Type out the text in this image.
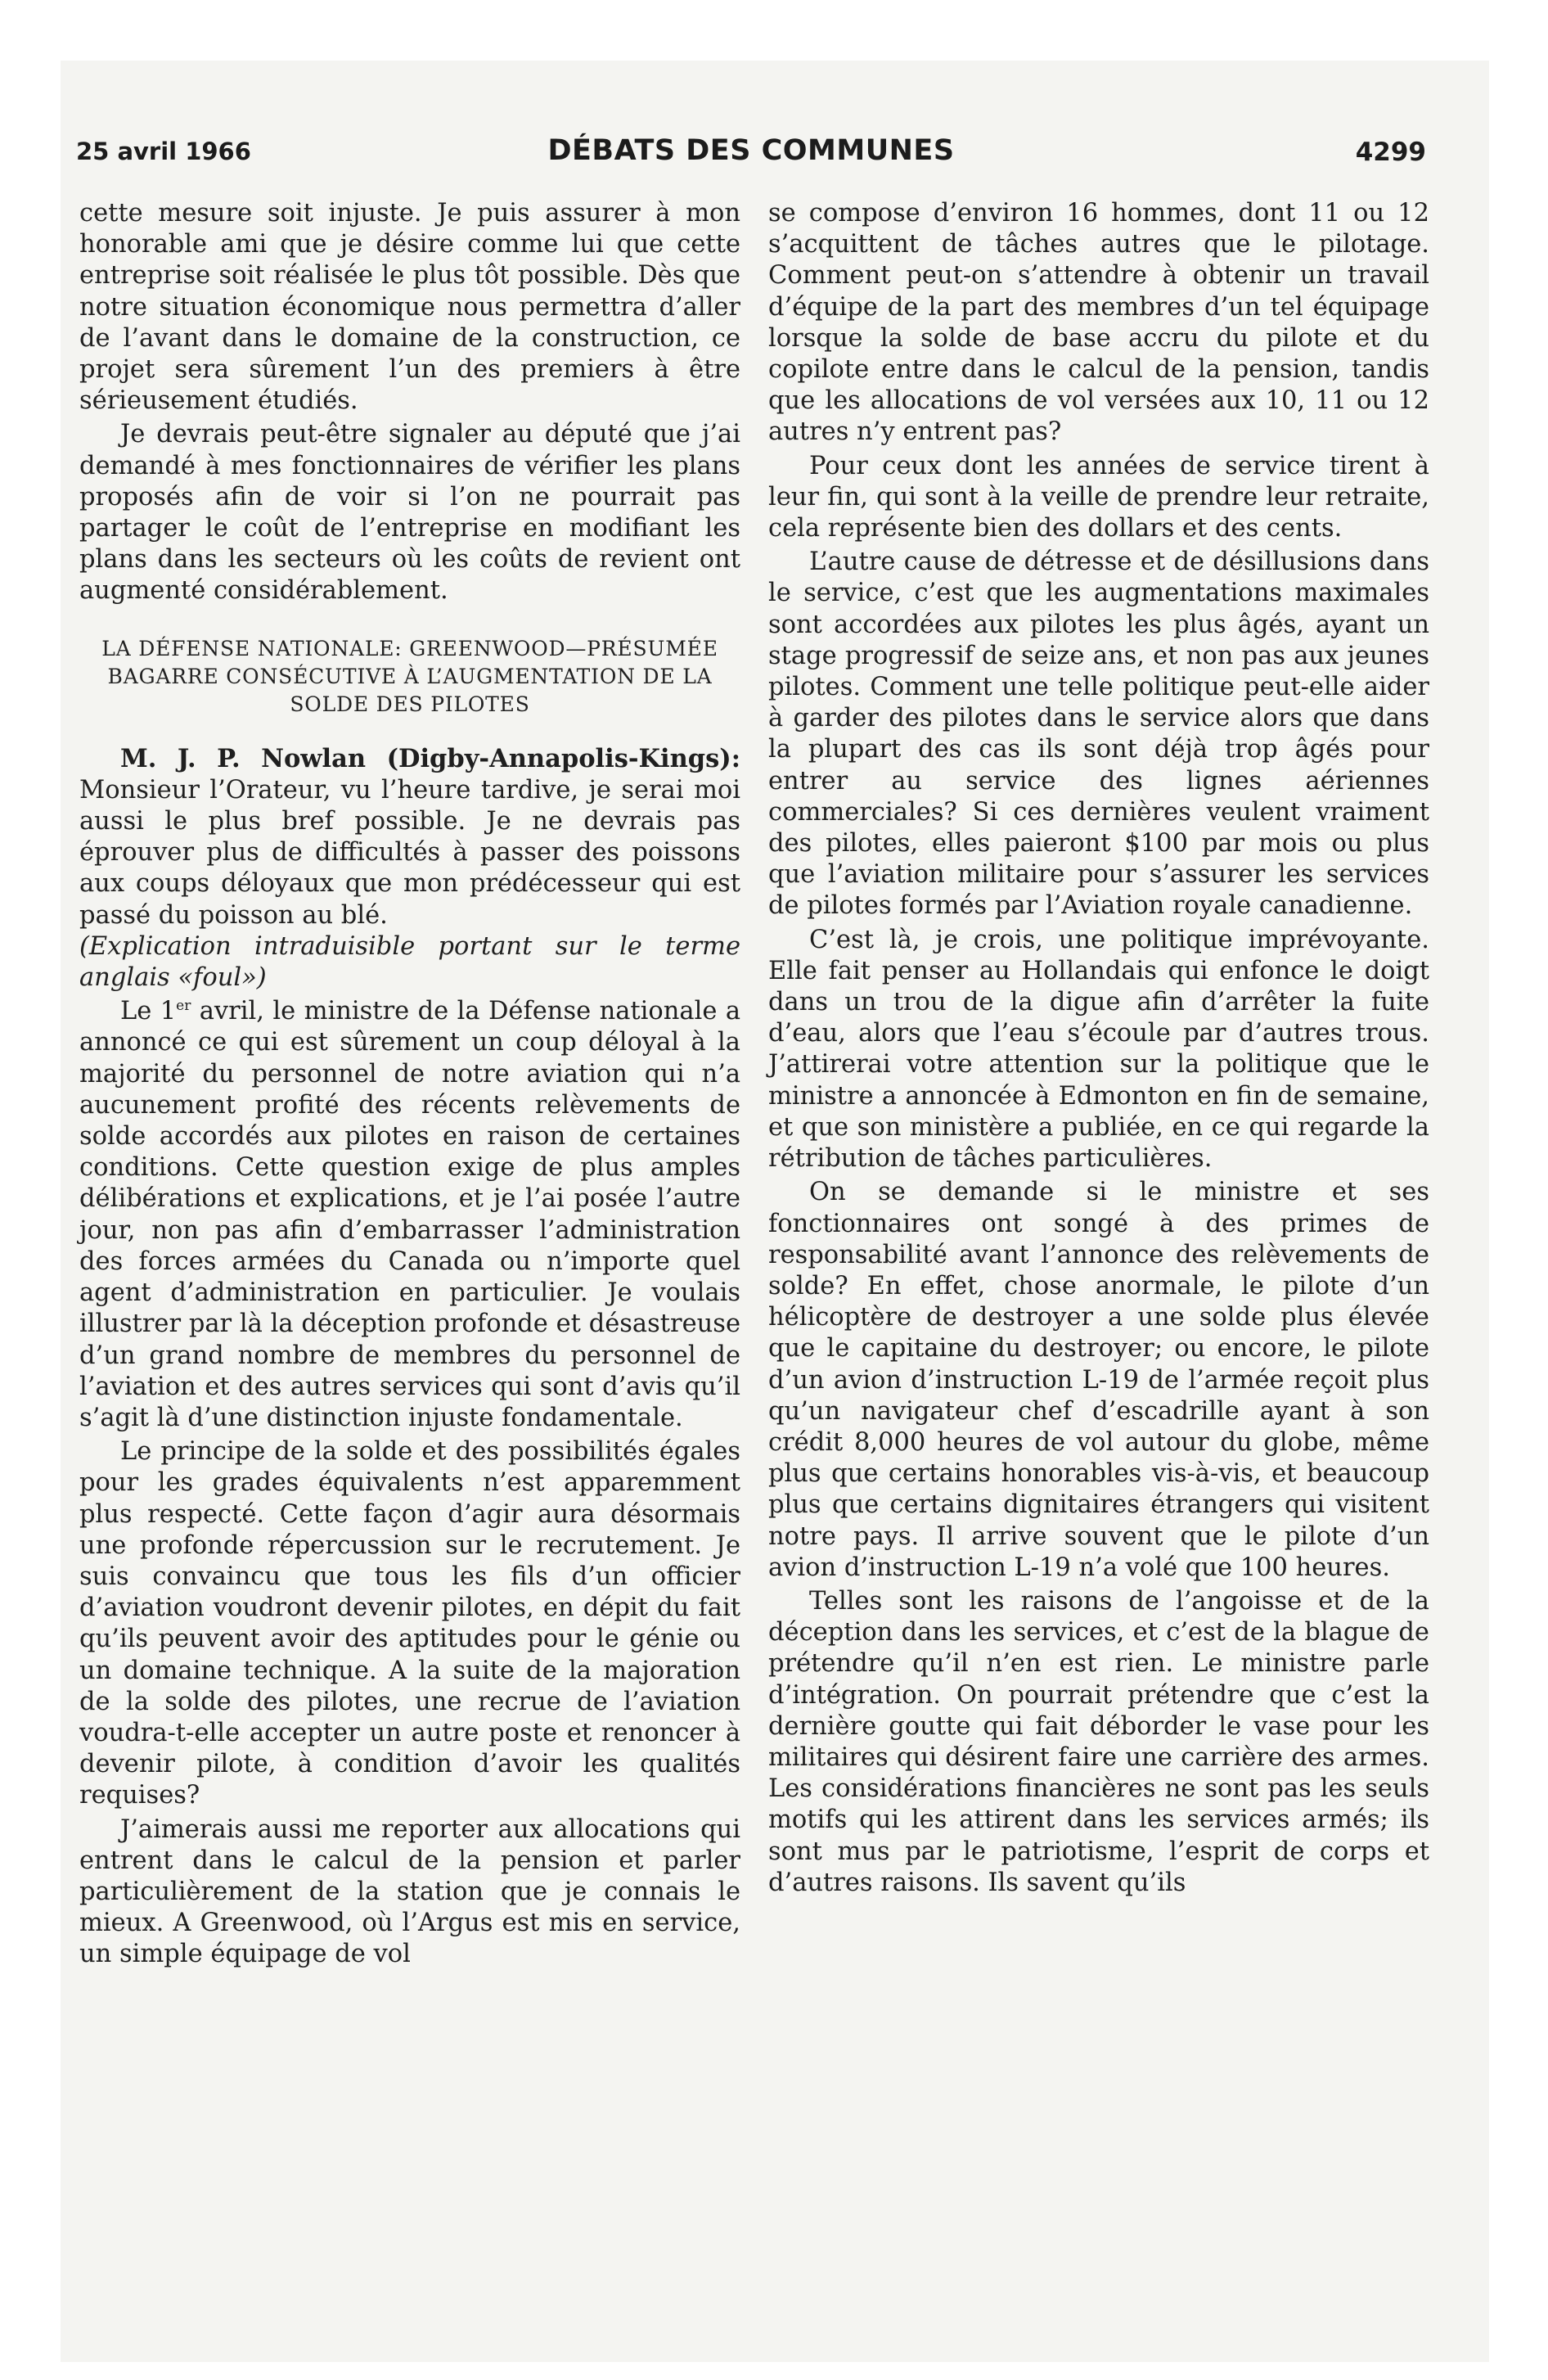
25 avril 1966	DÉBATS DES COMMUNES	4299

cette mesure soit injuste. Je puis assurer à mon honorable ami que je désire comme lui que cette entreprise soit réalisée le plus tôt possible. Dès que notre situation économique nous permettra d’aller de l’avant dans le domaine de la construction, ce projet sera sûrement l’un des premiers à être sérieusement étudiés.

Je devrais peut-être signaler au député que j’ai demandé à mes fonctionnaires de vérifier les plans proposés afin de voir si l’on ne pourrait pas partager le coût de l’entreprise en modifiant les plans dans les secteurs où les coûts de revient ont augmenté considérablement.

LA DÉFENSE NATIONALE: GREENWOOD—PRÉSUMÉE BAGARRE CONSÉCUTIVE À L’AUGMENTATION DE LA SOLDE DES PILOTES

M. J. P. Nowlan (Digby-Annapolis-Kings): Monsieur l’Orateur, vu l’heure tardive, je serai moi aussi le plus bref possible. Je ne devrais pas éprouver plus de difficultés à passer des poissons aux coups déloyaux que mon prédécesseur qui est passé du poisson au blé.

(Explication intraduisible portant sur le terme anglais «foul»)

Le 1er avril, le ministre de la Défense nationale a annoncé ce qui est sûrement un coup déloyal à la majorité du personnel de notre aviation qui n’a aucunement profité des récents relèvements de solde accordés aux pilotes en raison de certaines conditions. Cette question exige de plus amples délibérations et explications, et je l’ai posée l’autre jour, non pas afin d’embarrasser l’administration des forces armées du Canada ou n’importe quel agent d’administration en particulier. Je voulais illustrer par là la déception profonde et désastreuse d’un grand nombre de membres du personnel de l’aviation et des autres services qui sont d’avis qu’il s’agit là d’une distinction injuste fondamentale.

Le principe de la solde et des possibilités égales pour les grades équivalents n’est apparemment plus respecté. Cette façon d’agir aura désormais une profonde répercussion sur le recrutement. Je suis convaincu que tous les fils d’un officier d’aviation voudront devenir pilotes, en dépit du fait qu’ils peuvent avoir des aptitudes pour le génie ou un domaine technique. A la suite de la majoration de la solde des pilotes, une recrue de l’aviation voudra-t-elle accepter un autre poste et renoncer à devenir pilote, à condition d’avoir les qualités requises?

J’aimerais aussi me reporter aux allocations qui entrent dans le calcul de la pension et parler particulièrement de la station que je connais le mieux. A Greenwood, où l’Argus est mis en service, un simple équipage de vol

se compose d’environ 16 hommes, dont 11 ou 12 s’acquittent de tâches autres que le pilotage. Comment peut-on s’attendre à obtenir un travail d’équipe de la part des membres d’un tel équipage lorsque la solde de base accru du pilote et du copilote entre dans le calcul de la pension, tandis que les allocations de vol versées aux 10, 11 ou 12 autres n’y entrent pas?

Pour ceux dont les années de service tirent à leur fin, qui sont à la veille de prendre leur retraite, cela représente bien des dollars et des cents.

L’autre cause de détresse et de désillusions dans le service, c’est que les augmentations maximales sont accordées aux pilotes les plus âgés, ayant un stage progressif de seize ans, et non pas aux jeunes pilotes. Comment une telle politique peut-elle aider à garder des pilotes dans le service alors que dans la plupart des cas ils sont déjà trop âgés pour entrer au service des lignes aériennes commerciales? Si ces dernières veulent vraiment des pilotes, elles paieront $100 par mois ou plus que l’aviation militaire pour s’assurer les services de pilotes formés par l’Aviation royale canadienne.

C’est là, je crois, une politique imprévoyante. Elle fait penser au Hollandais qui enfonce le doigt dans un trou de la digue afin d’arrêter la fuite d’eau, alors que l’eau s’écoule par d’autres trous. J’attirerai votre attention sur la politique que le ministre a annoncée à Edmonton en fin de semaine, et que son ministère a publiée, en ce qui regarde la rétribution de tâches particulières.

On se demande si le ministre et ses fonctionnaires ont songé à des primes de responsabilité avant l’annonce des relèvements de solde? En effet, chose anormale, le pilote d’un hélicoptère de destroyer a une solde plus élevée que le capitaine du destroyer; ou encore, le pilote d’un avion d’instruction L-19 de l’armée reçoit plus qu’un navigateur chef d’escadrille ayant à son crédit 8,000 heures de vol autour du globe, même plus que certains honorables vis-à-vis, et beaucoup plus que certains dignitaires étrangers qui visitent notre pays. Il arrive souvent que le pilote d’un avion d’instruction L-19 n’a volé que 100 heures.

Telles sont les raisons de l’angoisse et de la déception dans les services, et c’est de la blague de prétendre qu’il n’en est rien. Le ministre parle d’intégration. On pourrait prétendre que c’est la dernière goutte qui fait déborder le vase pour les militaires qui désirent faire une carrière des armes. Les considérations financières ne sont pas les seuls motifs qui les attirent dans les services armés; ils sont mus par le patriotisme, l’esprit de corps et d’autres raisons. Ils savent qu’ils
